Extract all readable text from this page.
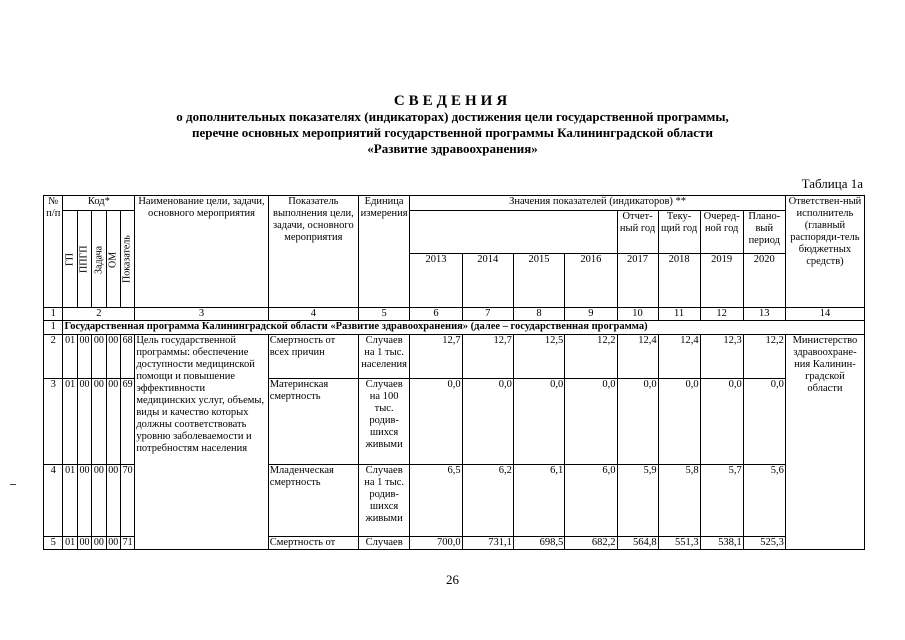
СВЕДЕНИЯ
о дополнительных показателях (индикаторах) достижения цели государственной программы,
перечне основных мероприятий государственной программы Калининградской области
«Развитие здравоохранения»
Таблица 1а
№ п/п	Код*					Наименование цели, задачи, основного мероприятия	Показатель выполнения цели, задачи, основного мероприятия	Единица измерения	Значения показателей (индикаторов) **								Ответствен-ный исполнитель (главный распоряди-тель бюджетных средств)
	ГП	ППГП	Задача	ОМ	Показатель								Отчет-ный год	Теку-щий год	Очеред-ной год	Плано-вый период	
									2013	2014	2015	2016	2017	2018	2019	2020	
1	2					3	4	5	6	7	8	9	10	11	12	13	14
1	Государственная программа Калининградской области «Развитие здравоохранения» (далее – государственная программа)																
2	01	00	00	00	68	Цель государственной программы: обеспечение доступности медицинской помощи и повышение эффективности медицинских услуг, объемы, виды и качество которых должны соответствовать уровню заболеваемости и потребностям населения	Смертность от всех причин	Случаев на 1 тыс. населения	12,7	12,7	12,5	12,2	12,4	12,4	12,3	12,2	Министерство здравоохране-ния Калинин-градской области
3	01	00	00	00	69		Материнская смертность	Случаев на 100 тыс. родив-шихся живыми	0,0	0,0	0,0	0,0	0,0	0,0	0,0	0,0	
4	01	00	00	00	70		Младенческая смертность	Случаев на 1 тыс. родив-шихся живыми	6,5	6,2	6,1	6,0	5,9	5,8	5,7	5,6	
5	01	00	00	00	71		Смертность от	Случаев	700,0	731,1	698,5	682,2	564,8	551,3	538,1	525,3	
26
